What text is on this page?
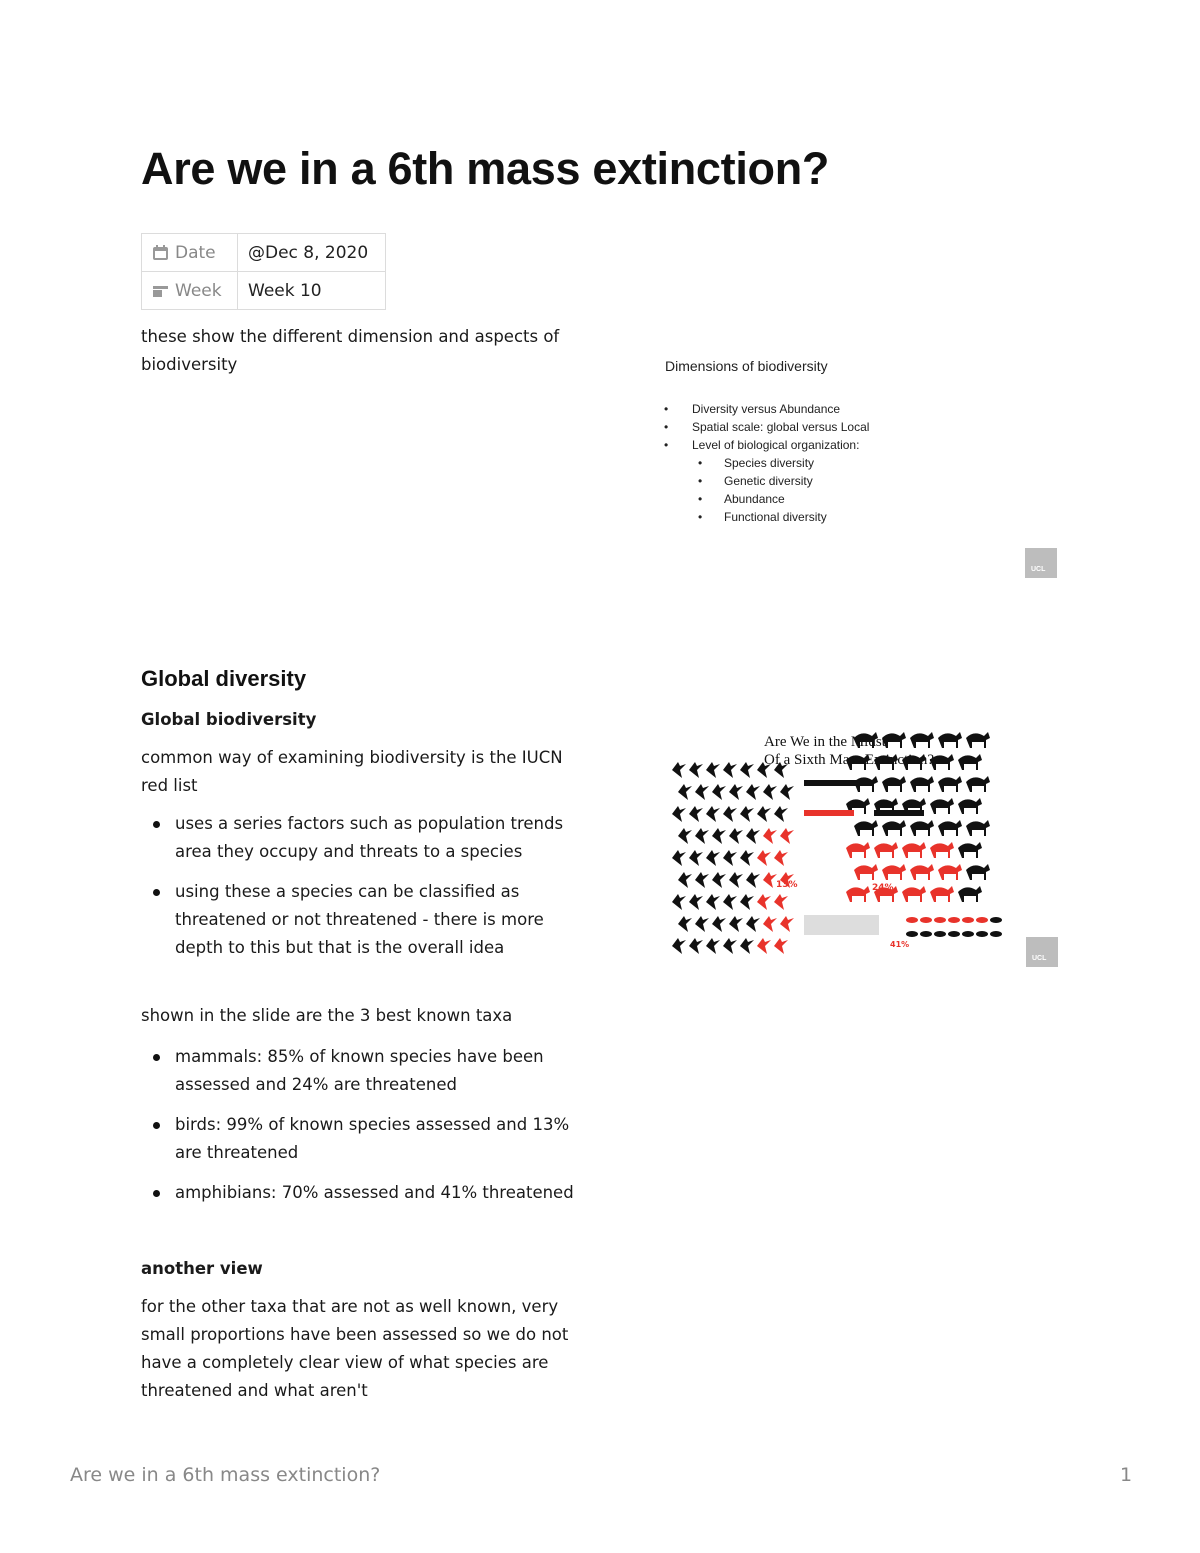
Are we in a 6th mass extinction?
Date	@Dec 8, 2020
Week	Week 10

these show the different dimension and aspects of biodiversity	Dimensions of biodiversity

• Diversity versus Abundance
• Spatial scale: global versus Local
• Level of biological organization:
• Species diversity
• Genetic diversity
• Abundance
• Functional diversity
UCL
Global diversity

Global biodiversity

common way of examining biodiversity is the IUCN red list

uses a series factors such as population trends area they occupy and threats to a species
using these a species can be classified as threatened or not threatened - there is more depth to this but that is the overall idea

shown in the slide are the 3 best known taxa

mammals: 85% of known species have been assessed and 24% are threatened
birds: 99% of known species assessed and 13% are threatened
amphibians: 70% assessed and 41% threatened

another view

for the other taxa that are not as well known, very small proportions have been assessed so we do not have a completely clear view of what species are threatened and what aren't

Are We in the Midst
Of a Sixth Mass Extinction?

13%	24%
41%
UCL

Are we in a 6th mass extinction?	1
